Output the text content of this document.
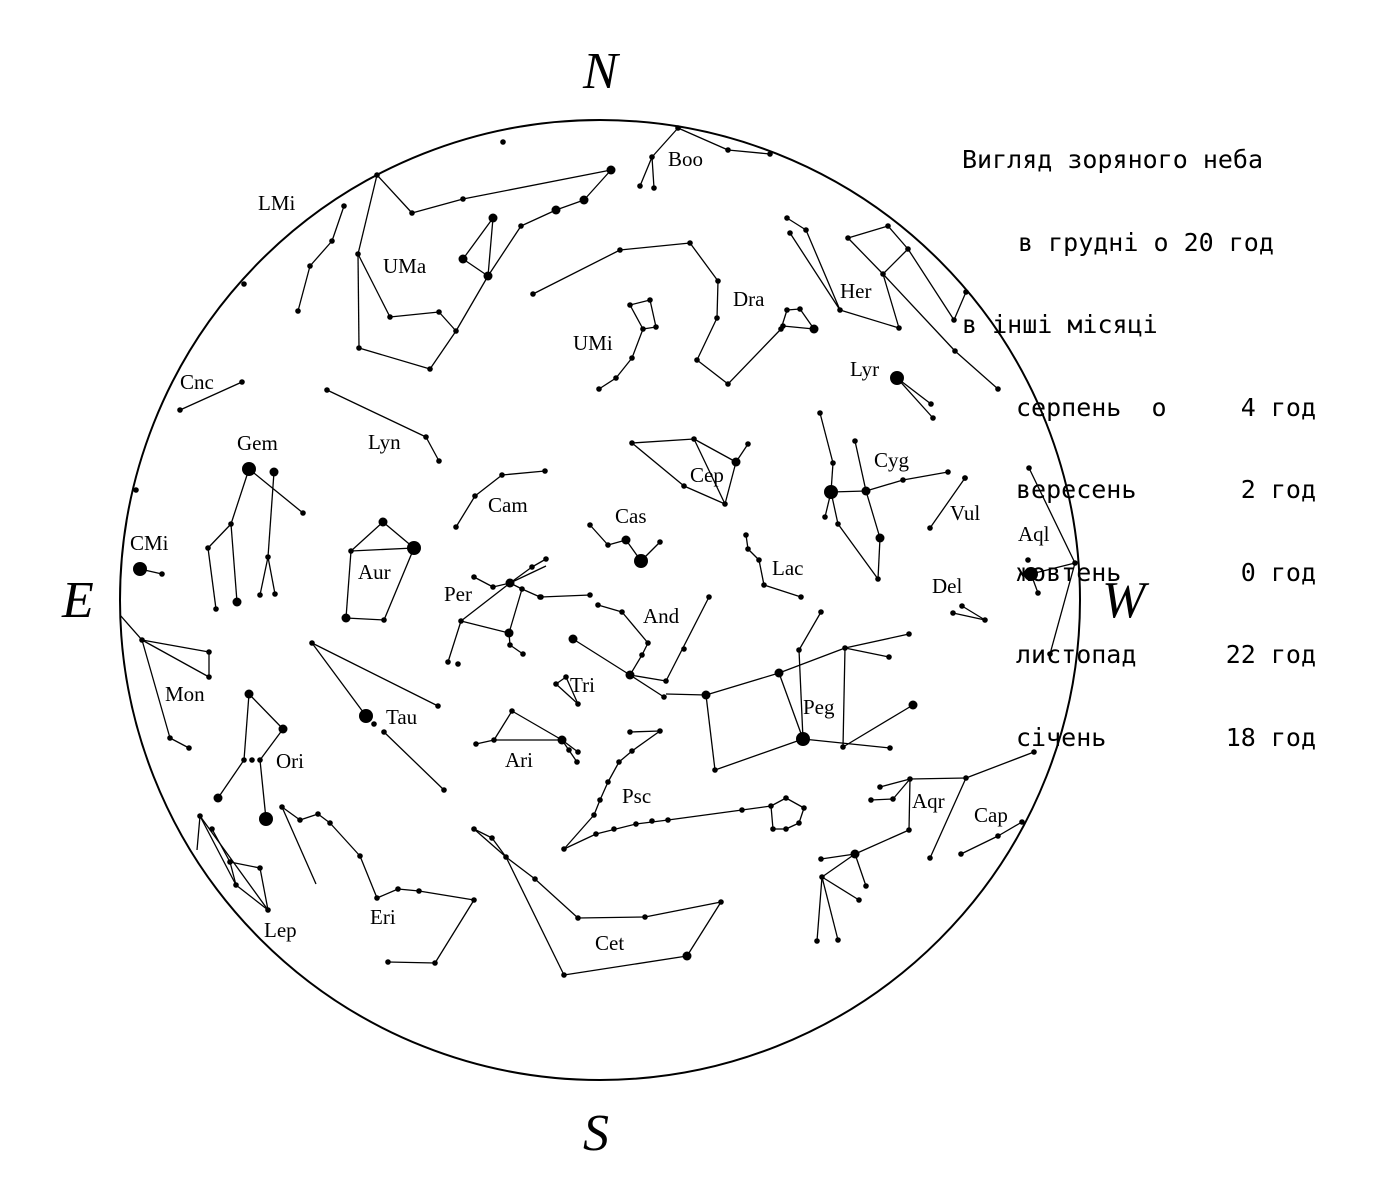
Boo
LMi
UMa
Dra	Her
UMi
Lyr
Cnc
Lyn
Gem
Cep
Cyg
Cam	Cas	Vul
Aql
CMi
Aur	Lac
Per	Del
And
Tri
Mon
Tau	Peg
Ori	Ari
Psc	Aqr
Cap
Eri
Lep
Cet
N
S
E	W

Вигляд зоряного неба

в грудні о 20 год

в інші місяці

серпень  о	4 год

вересень	2 год

жовтень	0 год

листопад	22 год

січень	18 год
